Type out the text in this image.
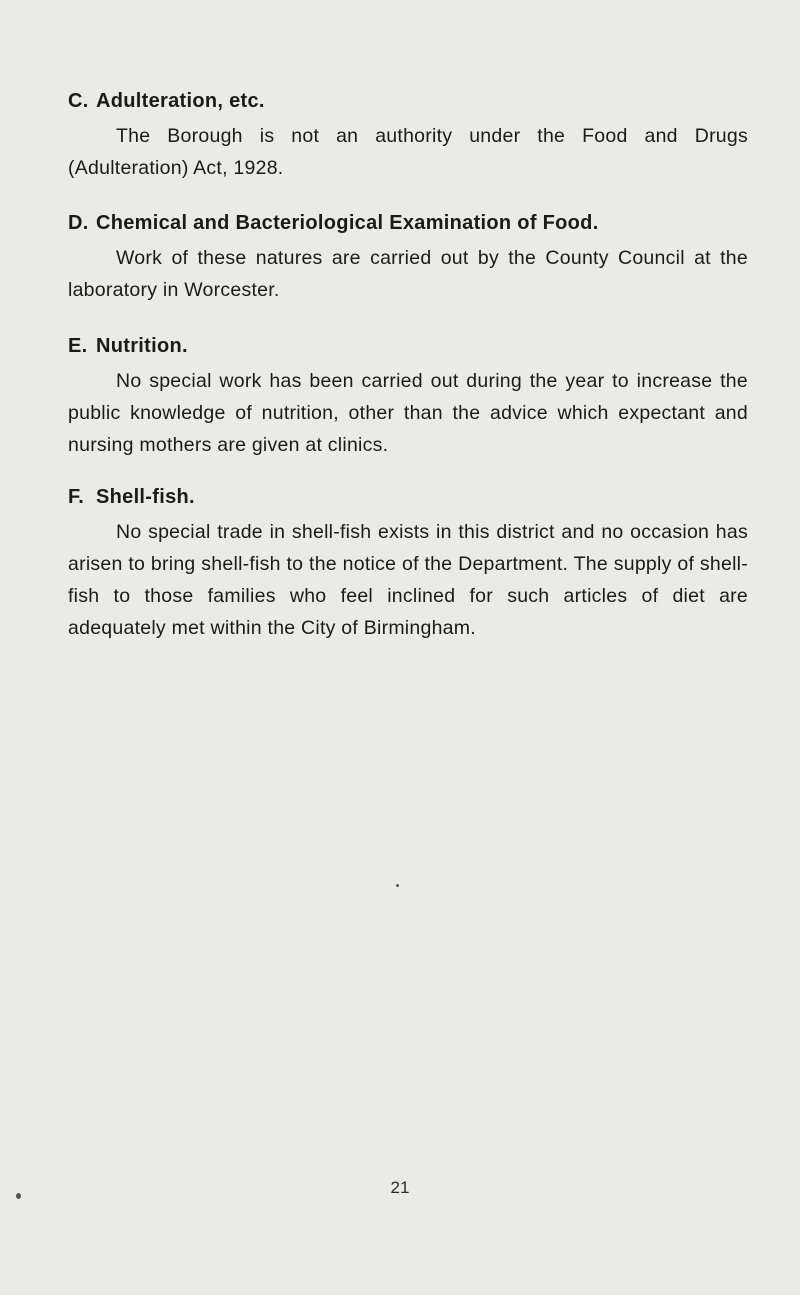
C. Adulteration, etc.

The Borough is not an authority under the Food and Drugs (Adulteration) Act, 1928.

D. Chemical and Bacteriological Examination of Food.

Work of these natures are carried out by the County Council at the laboratory in Worcester.

E. Nutrition.

No special work has been carried out during the year to increase the public knowledge of nutrition, other than the advice which expectant and nursing mothers are given at clinics.

F. Shell-fish.

No special trade in shell-fish exists in this district and no occasion has arisen to bring shell-fish to the notice of the Department. The supply of shell-fish to those families who feel inclined for such articles of diet are adequately met within the City of Birmingham.

21
